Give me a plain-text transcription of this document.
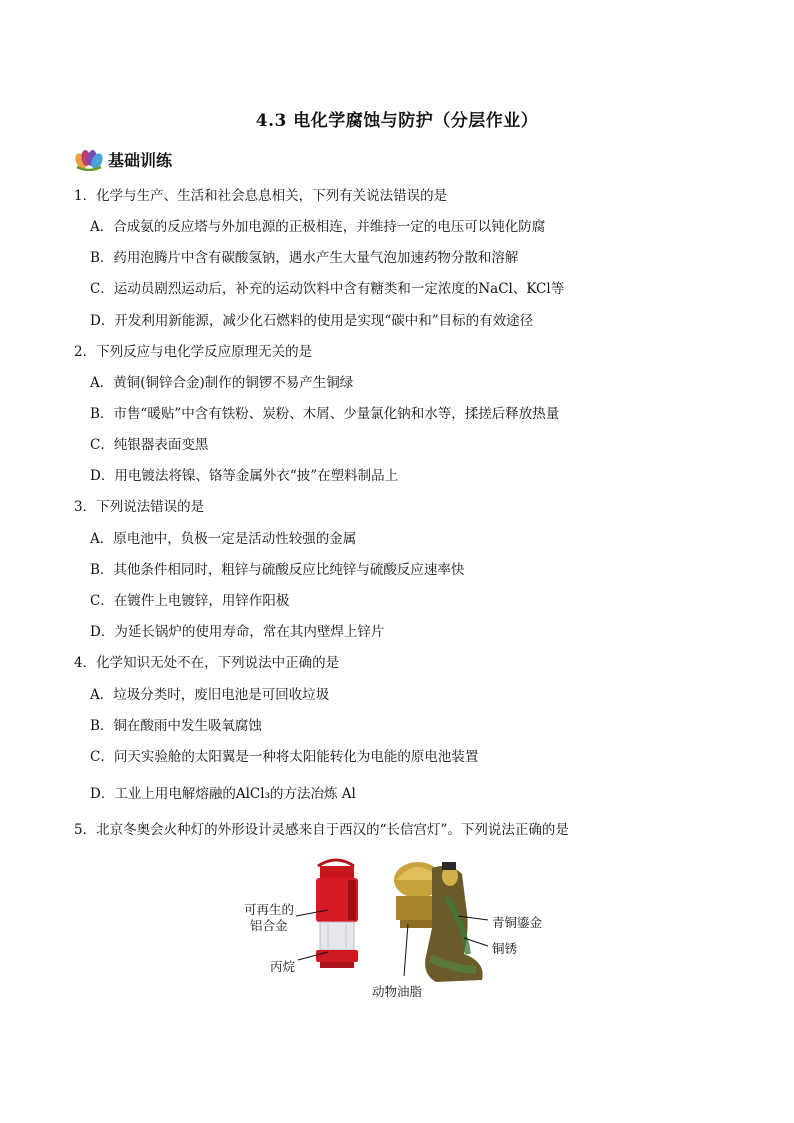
4.3 电化学腐蚀与防护（分层作业）
基础训练
1．化学与生产、生活和社会息息相关，下列有关说法错误的是
A．合成氨的反应塔与外加电源的正极相连，并维持一定的电压可以钝化防腐
B．药用泡腾片中含有碳酸氢钠，遇水产生大量气泡加速药物分散和溶解
C．运动员剧烈运动后，补充的运动饮料中含有糖类和一定浓度的NaCl、KCl等
D．开发利用新能源，减少化石燃料的使用是实现“碳中和”目标的有效途径
2．下列反应与电化学反应原理无关的是
A．黄铜(铜锌合金)制作的铜锣不易产生铜绿
B．市售“暖贴”中含有铁粉、炭粉、木屑、少量氯化钠和水等，揉搓后释放热量
C．纯银器表面变黑
D．用电镀法将镍、铬等金属外衣“披”在塑料制品上
3．下列说法错误的是
A．原电池中，负极一定是活动性较强的金属
B．其他条件相同时，粗锌与硫酸反应比纯锌与硫酸反应速率快
C．在镀件上电镀锌，用锌作阳极
D．为延长锅炉的使用寿命，常在其内壁焊上锌片
4．化学知识无处不在，下列说法中正确的是
A．垃圾分类时，废旧电池是可回收垃圾
B．铜在酸雨中发生吸氧腐蚀
C．问天实验舱的太阳翼是一种将太阳能转化为电能的原电池装置
D．工业上用电解熔融的AlCl₃的方法冶炼 Al
5．北京冬奥会火种灯的外形设计灵感来自于西汉的“长信宫灯”。下列说法正确的是
可再生的
铝合金
丙烷
青铜鎏金
铜锈
动物油脂
